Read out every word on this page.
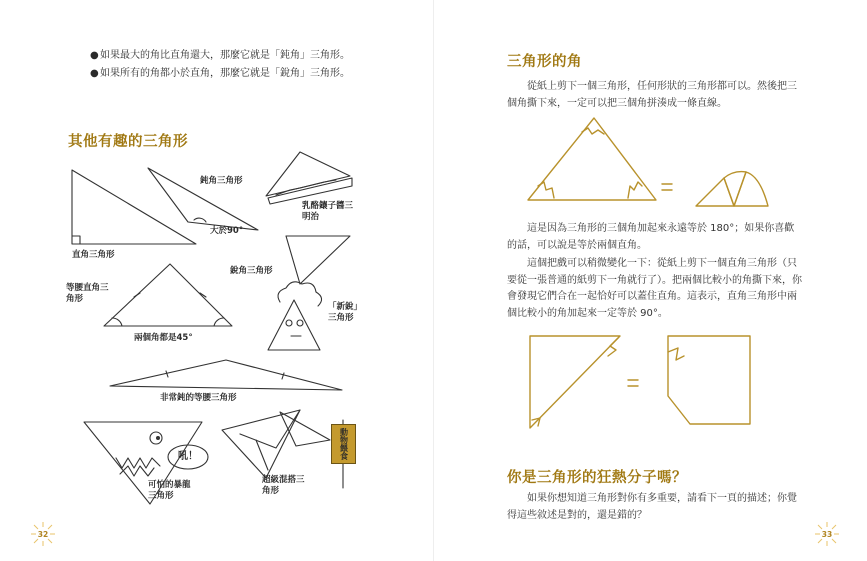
● 如果最大的角比直角還大，那麼它就是「鈍角」三角形。
● 如果所有的角都小於直角，那麼它就是「銳角」三角形。
其他有趣的三角形
直角三角形
鈍角三角形
大於90°
乳酪鑲子醬三明治
銳角三角形
等腰直角三角形
兩個角都是45°
「新銳」三角形
非常鈍的等腰三角形
可怕的暴龍三角形
吼！
超級混搭三角形
動物餵食
32
三角形的角
從紙上剪下一個三角形，任何形狀的三角形都可以。然後把三個角撕下來，一定可以把三個角拼湊成一條直線。
這是因為三角形的三個角加起來永遠等於 180°；如果你喜歡的話，可以說是等於兩個直角。
這個把戲可以稍微變化一下：從紙上剪下一個直角三角形（只要從一張普通的紙剪下一角就行了）。把兩個比較小的角撕下來，你會發現它們合在一起恰好可以蓋住直角。這表示，直角三角形中兩個比較小的角加起來一定等於 90°。
你是三角形的狂熱分子嗎？
如果你想知道三角形對你有多重要，請看下一頁的描述；你覺得這些敘述是對的，還是錯的？
33
